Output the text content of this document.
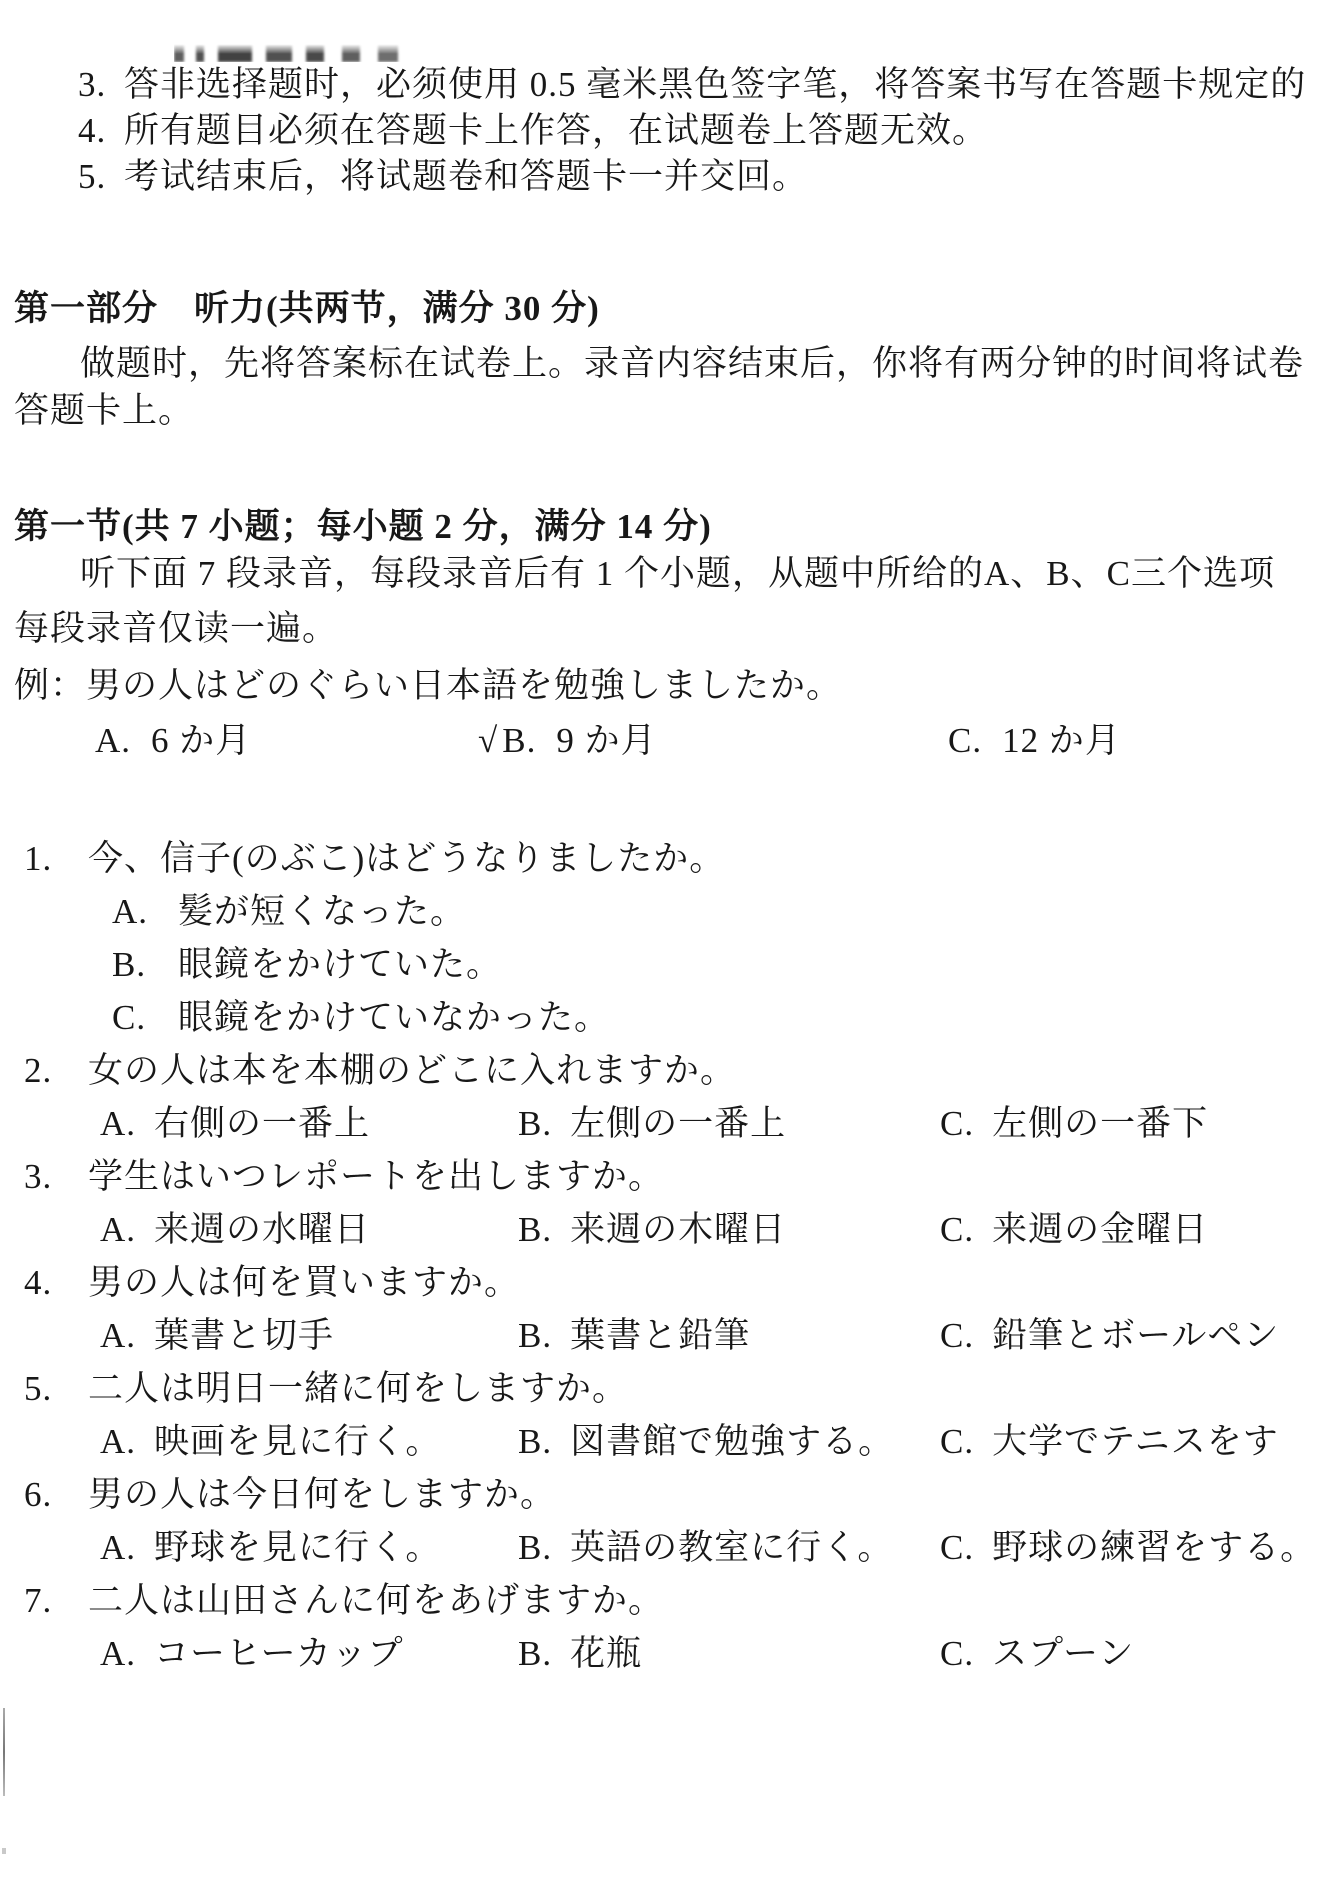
3. 答非选择题时，必须使用 0.5 毫米黑色签字笔，将答案书写在答题卡规定的
4. 所有题目必须在答题卡上作答，在试题卷上答题无效。
5. 考试结束后，将试题卷和答题卡一并交回。
第一部分　听力(共两节，满分 30 分)
做题时，先将答案标在试卷上。录音内容结束后，你将有两分钟的时间将试卷
答题卡上。
第一节(共 7 小题；每小题 2 分，满分 14 分)
听下面 7 段录音，每段录音后有 1 个小题，从题中所给的A、B、C三个选项
每段录音仅读一遍。
例：男の人はどのぐらい日本語を勉強しましたか。
A. 6 か月	√ B. 9 か月	C. 12 か月
1. 今、信子(のぶこ)はどうなりましたか。
A. 髪が短くなった。
B. 眼鏡をかけていた。
C. 眼鏡をかけていなかった。
2. 女の人は本を本棚のどこに入れますか。
A. 右側の一番上	B. 左側の一番上	C. 左側の一番下
3. 学生はいつレポートを出しますか。
A. 来週の水曜日	B. 来週の木曜日	C. 来週の金曜日
4. 男の人は何を買いますか。
A. 葉書と切手	B. 葉書と鉛筆	C. 鉛筆とボールペン
5. 二人は明日一緒に何をしますか。
A. 映画を見に行く。 B. 図書館で勉強する。 C. 大学でテニスをす
6. 男の人は今日何をしますか。
A. 野球を見に行く。 B. 英語の教室に行く。 C. 野球の練習をする。
7. 二人は山田さんに何をあげますか。
A. コーヒーカップ	B. 花瓶	C. スプーン
